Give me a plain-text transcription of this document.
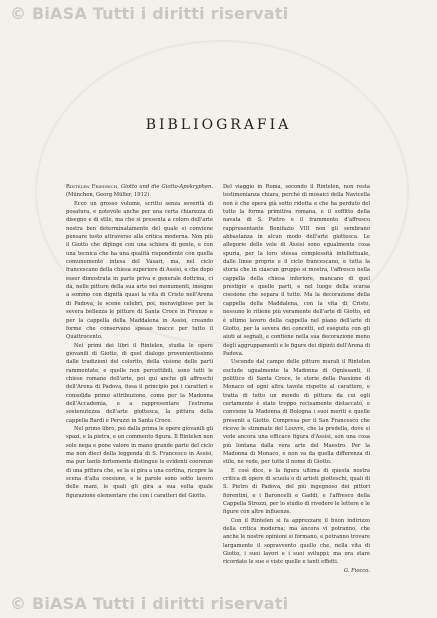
© BiASA Tutti i diritti riservati
BIBLIOGRAFIA

Rintelen Friedrich, Giotto und die Giotto-Apokryphen. (München, Georg Müller, 1912).

Ecco un grosso volume, scritto senza severità di posatura, e notevole anche per una certa chiarezza di disegno e di stile, ma che si presenta a coloro dell'arte nostra ben determinatamente del quale si conviene pensare tosto attraverso alla critica moderna. Non più il Giotto che dipinge con una schiera di gente, e con una tecnica che ha una qualità rispondente con quella comunemente intesa del Vasari, ma, nel ciclo francescano della chiesa superiore di Assisi, e che dopo esser dimostrata in parte priva e generale dottrina, ci dà, nelle pitture della sua arte nei monumenti, insegne a sommo con dignità quasi la vita di Cristo nell'Arena di Padova, le scene celebri, poi, meravigliose per la severa bellezza le pitture di Santa Croce in Firenze e per la cappella della Maddalena in Assisi, creando forme che conservano spesso tracce per tutto il Quattrocento.

Nei primi dei libri il Rintelen, studia le opere giovanili di Giotto, di quel dialogo provenientissimo dalle tradizioni del colorito, della visione delle parti rammentate, e quelle non percettibili, sono tutti le chiese romane dell'arte, poi qui anche gli affreschi dell'Arena di Padova, fissa il principio poi i caratteri e consolida primo attribuzione, come per la Madonna dell'Accademia, e a rappresentare l'estrema sostenutezza dell'arte giottesca, la pittura della cappella Bardi e Peruzzi in Santa Croce.

Nel primo libro, poi dalla prima le opere giovanili gli spazi, e la pietra, e un commento figura. Il Rintelen non solo nega e pone valore in mano grande parte del ciclo ma non dieci della leggenda di S. Francesco in Assisi, ma pur tanto fortemente distingue le evidenti coerenze di una pittura che, se la si gira a una cortina, ricopre la scena d'alta coesione, e le parole sono sotto lavoro delle mani, le quali gli gira a sua volta quale figurazione elementare che con i caratteri del Giotto.

Del viaggio in Roma, secondo il Rintelen, non resta testimonianza chiara, perché di mosaici della Navicella non è che opera già sotto ridotta e che ha perduto del tutto la forma primitiva romana, e il soffitto della navata di S. Pietro e il frammento d'affresco rappresentante Bonifazio VIII non gli sembrano abbastanza in alcun modo dell'arte giottesca. Le allegorie delle vele di Assisi sono egualmente cosa spuria, per la loro stessa complessità intellettuale, dalle linee proprie e il ciclo francescano, e tutta la storia che in ciascun gruppo si mostra, l'affresco nella cappella della chiesa inferiore, mancano di quel prestigio e quelle parti, e nel luogo della scarsa coesione che separa il tutto. Ma la decorazione della cappella della Maddalena, con la vita di Cristo, nessuno lo ritiene più veramente dell'arte di Giotto, ed è ultimo lavoro della cappella nel piano dell'arte di Giotto, per la severa dei concetti, ed eseguita con gli aiuti ai segnali, e contiene nella sua decorazione meno degli aggruppamenti e le figure dei dipinti dell'Arena di Padova.

Uscendo dal campo delle pitture murali il Rintelen esclude ugualmente la Madonna di Ognissanti, il polittico di Santa Croce, le storie della Passione di Monaco ed ogni altra tavola rispetto al carattere, e tratta di tutto un mondo di pittura da cui egli certamente è stato troppo recisamente distaccato, e conviene la Madonna di Bologna i suoi meriti e quelle presenti a Giotto. Compresa per il San Francesco che riceve le stimmate del Louvre, che la predella, dove si vede ancora una efficace figura d'Assisi, son una cosa più lontana dalla vera arte del Maestro. Per la Madonna di Monaco, e non va da quella differenza di stile, ne vede, per tutte il nome di Giotto.

E così dice, e la figura ultima di questa nostra critica di opere di scuola o di artisti giotteschi, quali di S. Pietro di Padova, del più ingegnoso dei pittori fiorentini, e i Baroncelli e Gaddi, e l'affresco della Cappella Strozzi, per lo studio di rivedere le lettere e le figure con altre influenze.

Con il Rintelen si fa apprezzare il buon indirizzo della critica moderna; ma ancora vi potranno, che anche le nostre opinioni si formano, e potranno trovare largamente il sopravvento quello che, nella vita di Giotto, i suoi lavori e i suoi sviluppi; ma ora stare ricordate le sue e viste quelle e tanti effetti.

G. Fiocco.
© BiASA Tutti i diritti riservati
